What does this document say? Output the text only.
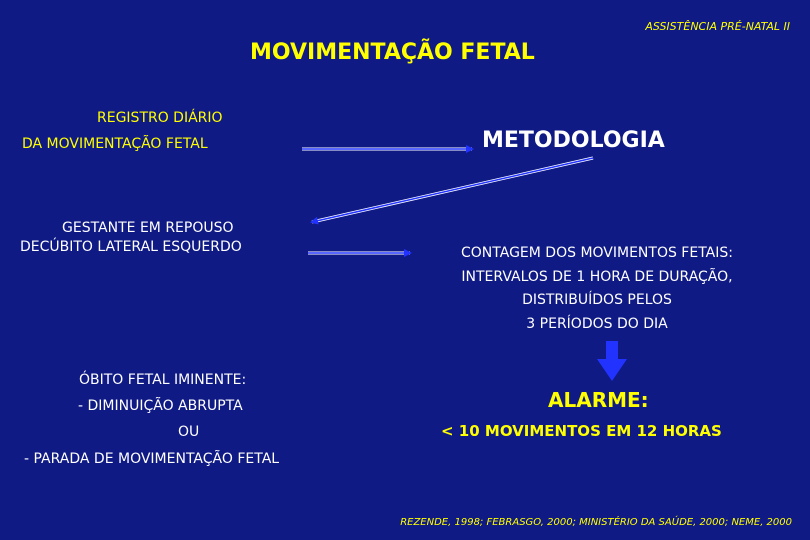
ASSISTÊNCIA PRÉ-NATAL II

MOVIMENTAÇÃO FETAL

REGISTRO DIÁRIO

DA MOVIMENTAÇÃO FETAL	METODOLOGIA

GESTANTE EM REPOUSO

DECÚBITO LATERAL ESQUERDO	CONTAGEM DOS MOVIMENTOS FETAIS:

INTERVALOS DE 1 HORA DE DURAÇÃO,

DISTRIBUÍDOS PELOS

3 PERÍODOS DO DIA

ÓBITO FETAL IMINENTE:

- DIMINUIÇÃO ABRUPTA

OU

- PARADA DE MOVIMENTAÇÃO FETAL

ALARME:

< 10 MOVIMENTOS EM 12 HORAS

REZENDE, 1998; FEBRASGO, 2000; MINISTÉRIO DA SAÚDE, 2000; NEME, 2000
